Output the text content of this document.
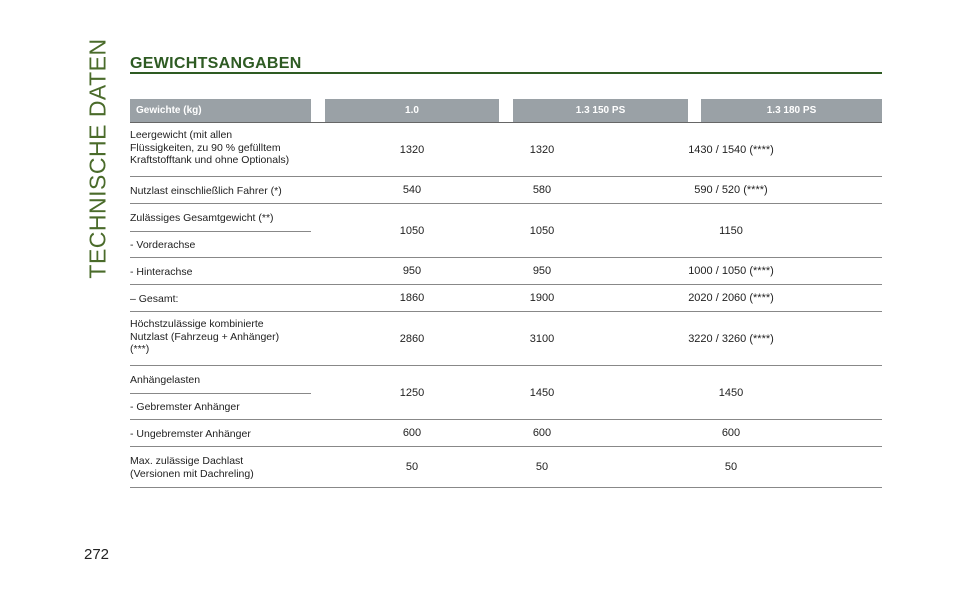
TECHNISCHE DATEN GEWICHTSANGABEN
Gewichte (kg)	1.0	1.3 150 PS	1.3 180 PS
Leergewicht (mit allen
Flüssigkeiten, zu 90 % gefülltem
Kraftstofftank und ohne Optionals)
1320	1320	1430 / 1540 (****)
Nutzlast einschließlich Fahrer (*)	540	580	590 / 520 (****)
Zulässiges Gesamtgewicht (**)
- Vorderachse
1050	1050	1150
- Hinterachse	950	950	1000 / 1050 (****)
– Gesamt:	1860	1900	2020 / 2060 (****)
Höchstzulässige kombinierte
Nutzlast (Fahrzeug + Anhänger)
(***)
2860	3100	3220 / 3260 (****)
Anhängelasten
- Gebremster Anhänger
1250	1450	1450
- Ungebremster Anhänger	600	600	600
Max. zulässige Dachlast
(Versionen mit Dachreling)
50	50	50
272
